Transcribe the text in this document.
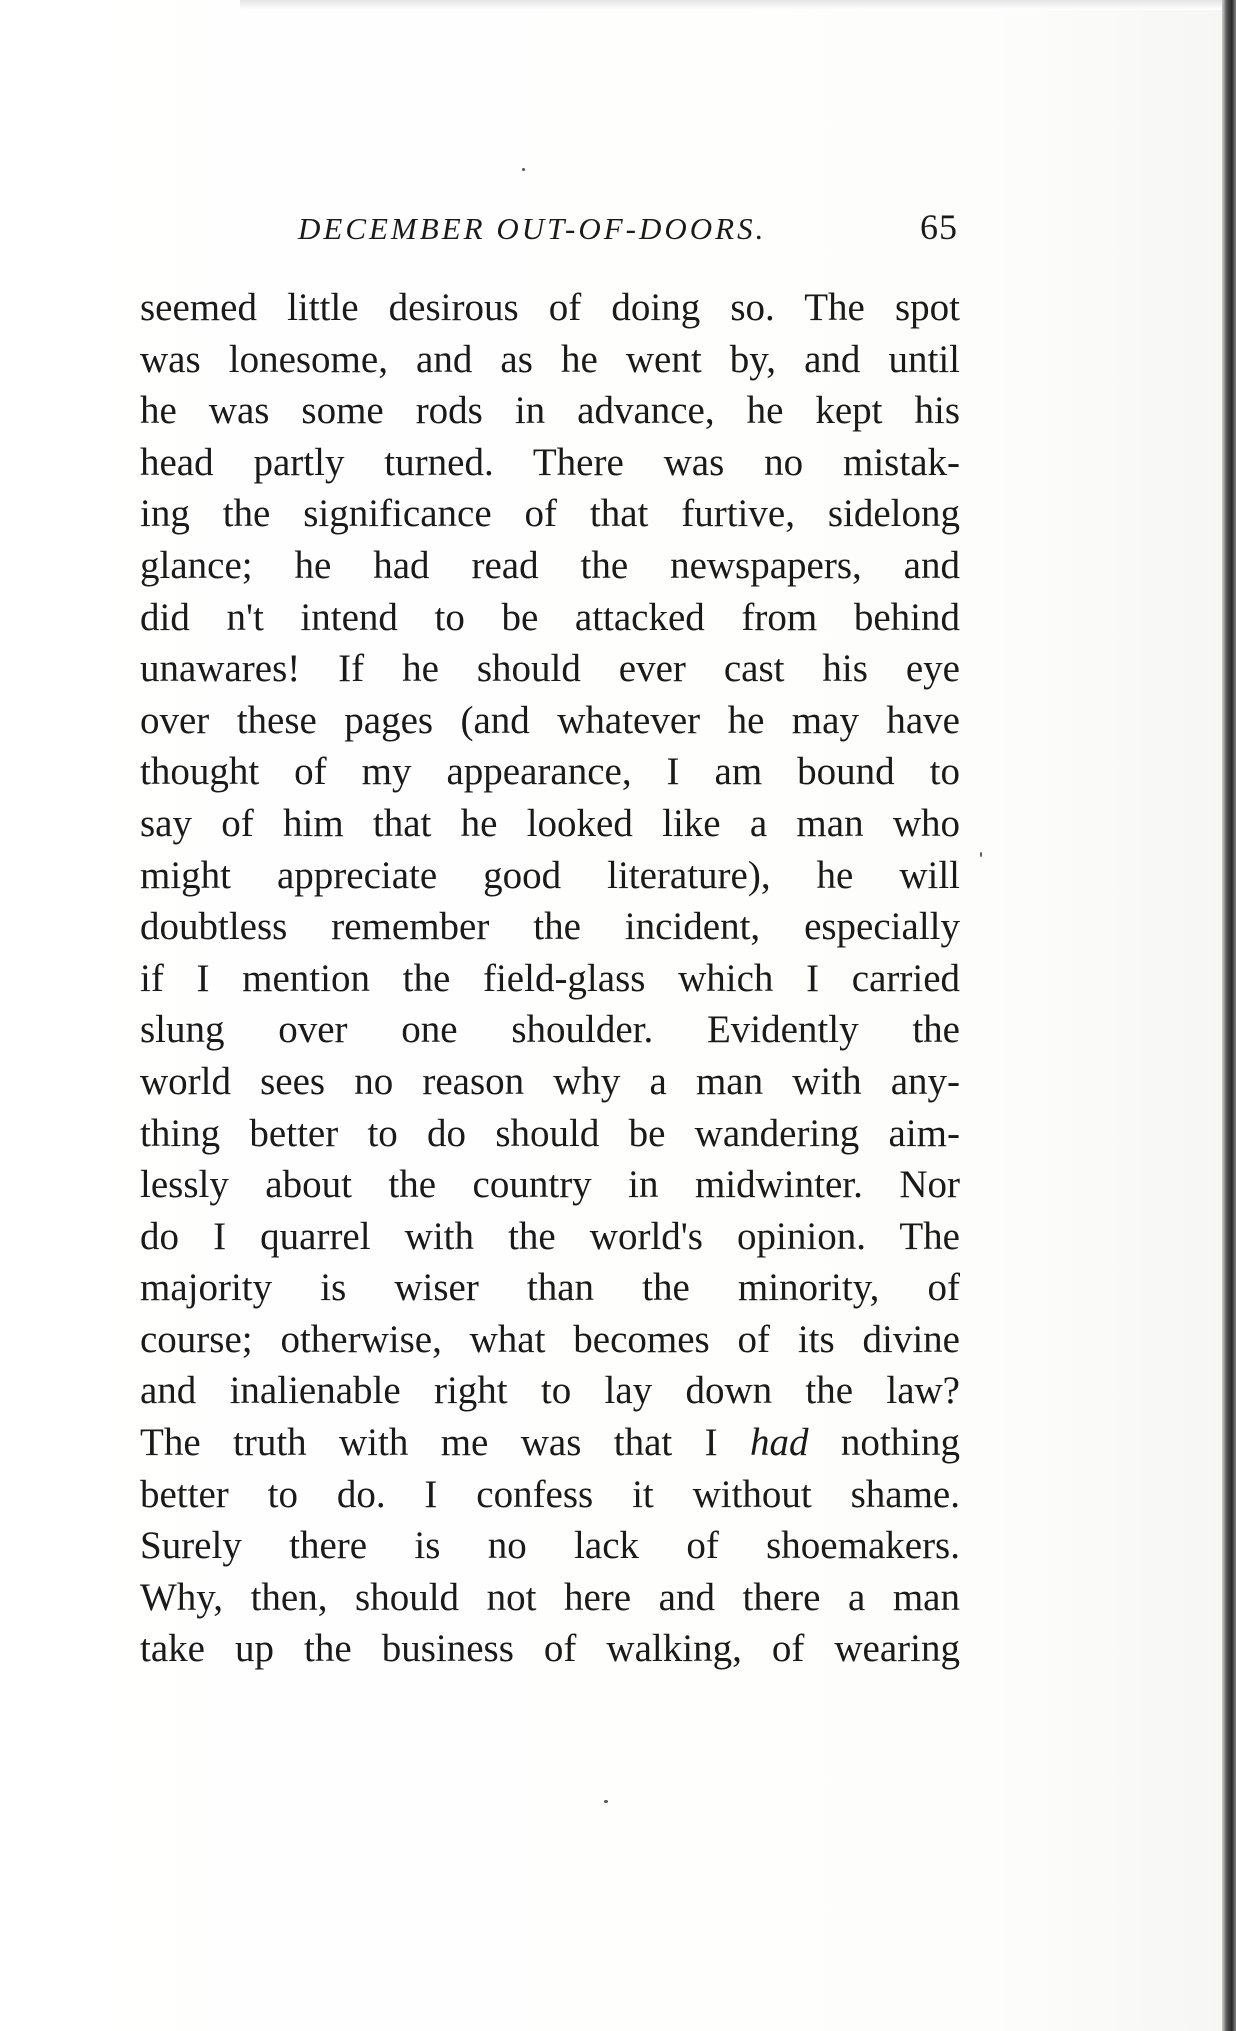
DECEMBER OUT-OF-DOORS.	65
seemed little desirous of doing so. The spot
was lonesome, and as he went by, and until
he was some rods in advance, he kept his
head partly turned. There was no mistak-
ing the significance of that furtive, sidelong
glance; he had read the newspapers, and
did n't intend to be attacked from behind
unawares! If he should ever cast his eye
over these pages (and whatever he may have
thought of my appearance, I am bound to
say of him that he looked like a man who
might appreciate good literature), he will
doubtless remember the incident, especially
if I mention the field-glass which I carried
slung over one shoulder. Evidently the
world sees no reason why a man with any-
thing better to do should be wandering aim-
lessly about the country in midwinter. Nor
do I quarrel with the world's opinion. The
majority is wiser than the minority, of
course; otherwise, what becomes of its divine
and inalienable right to lay down the law?
The truth with me was that I had nothing
better to do. I confess it without shame.
Surely there is no lack of shoemakers.
Why, then, should not here and there a man
take up the business of walking, of wearing
